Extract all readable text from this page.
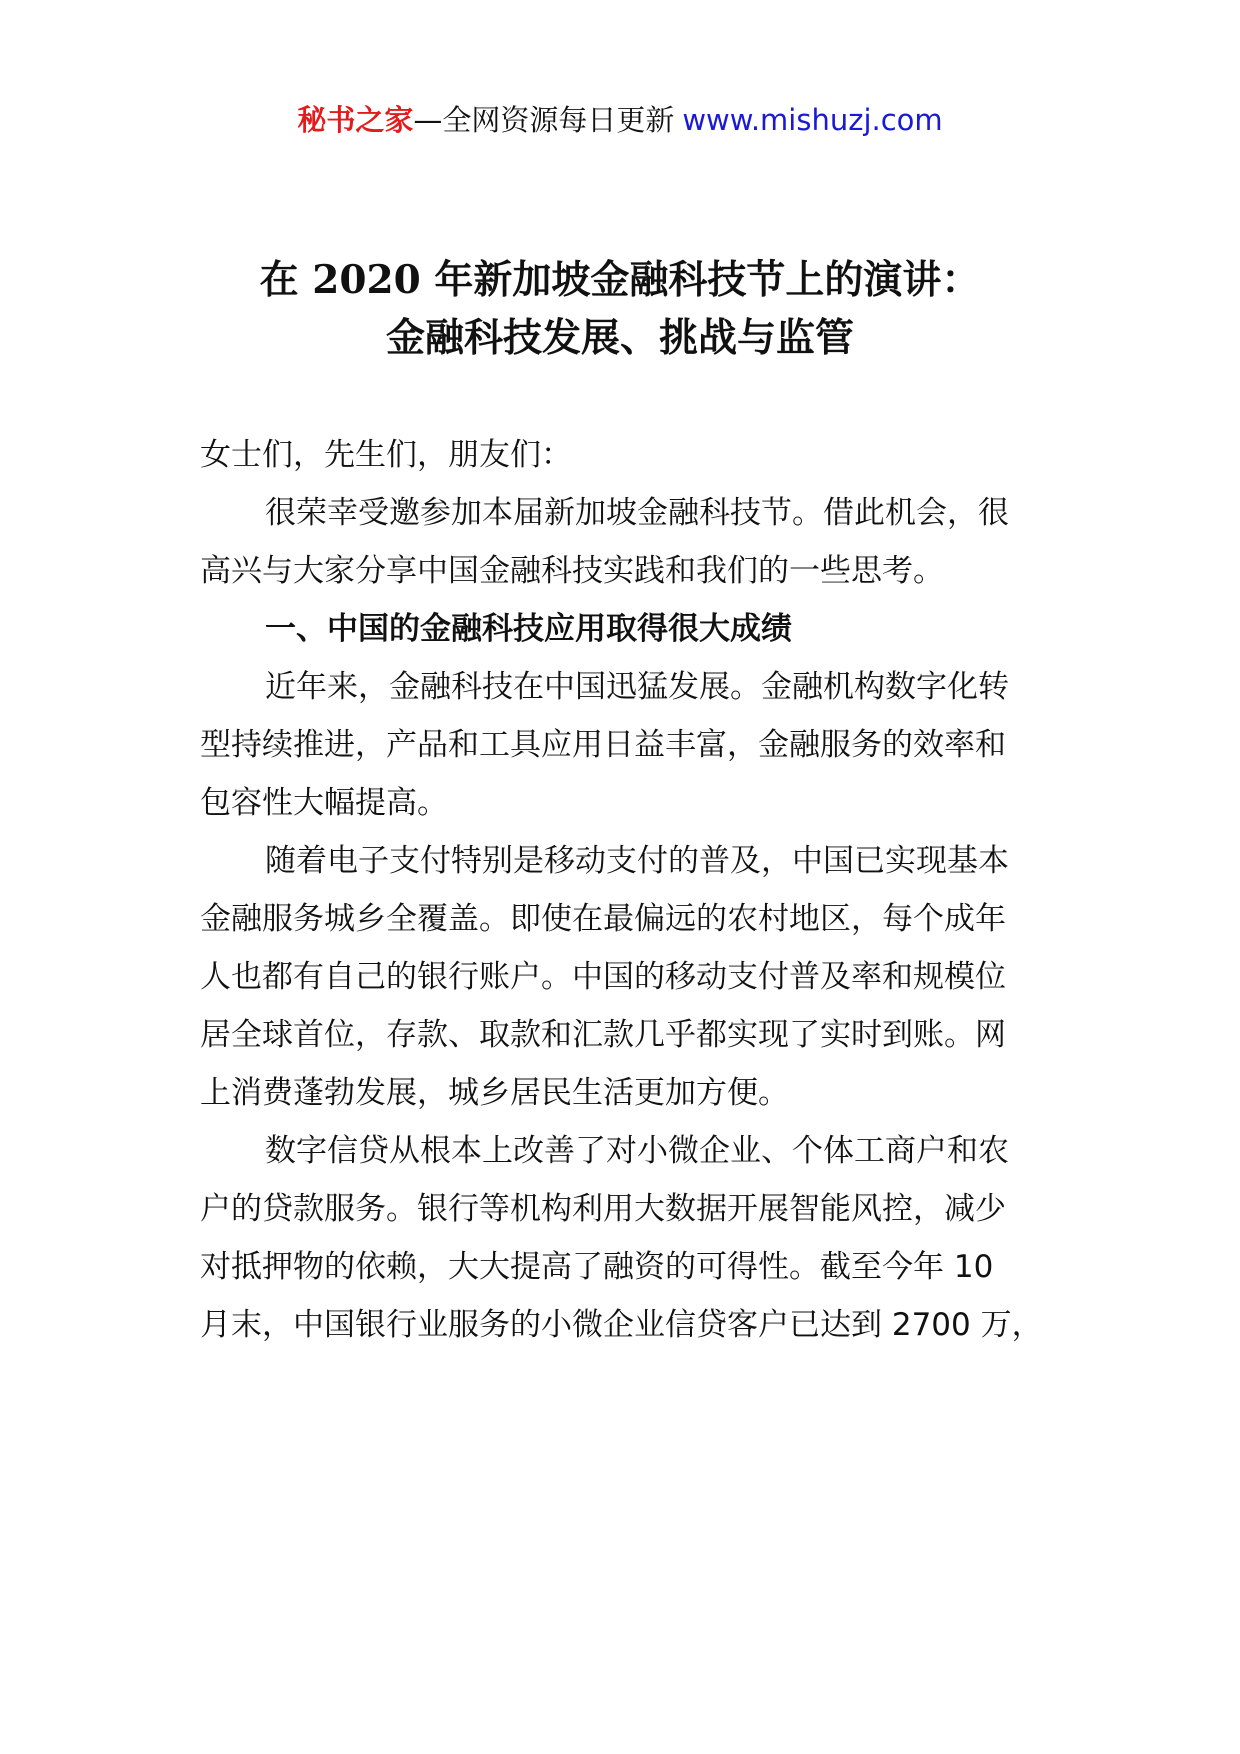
秘书之家—全网资源每日更新 www.mishuzj.com
在 2020 年新加坡金融科技节上的演讲：
金融科技发展、挑战与监管
女士们，先生们，朋友们：
很荣幸受邀参加本届新加坡金融科技节。借此机会，很
高兴与大家分享中国金融科技实践和我们的一些思考。
一、中国的金融科技应用取得很大成绩
近年来，金融科技在中国迅猛发展。金融机构数字化转
型持续推进，产品和工具应用日益丰富，金融服务的效率和
包容性大幅提高。
随着电子支付特别是移动支付的普及，中国已实现基本
金融服务城乡全覆盖。即使在最偏远的农村地区，每个成年
人也都有自己的银行账户。中国的移动支付普及率和规模位
居全球首位，存款、取款和汇款几乎都实现了实时到账。网
上消费蓬勃发展，城乡居民生活更加方便。
数字信贷从根本上改善了对小微企业、个体工商户和农
户的贷款服务。银行等机构利用大数据开展智能风控，减少
对抵押物的依赖，大大提高了融资的可得性。截至今年 10
月末，中国银行业服务的小微企业信贷客户已达到 2700 万，
